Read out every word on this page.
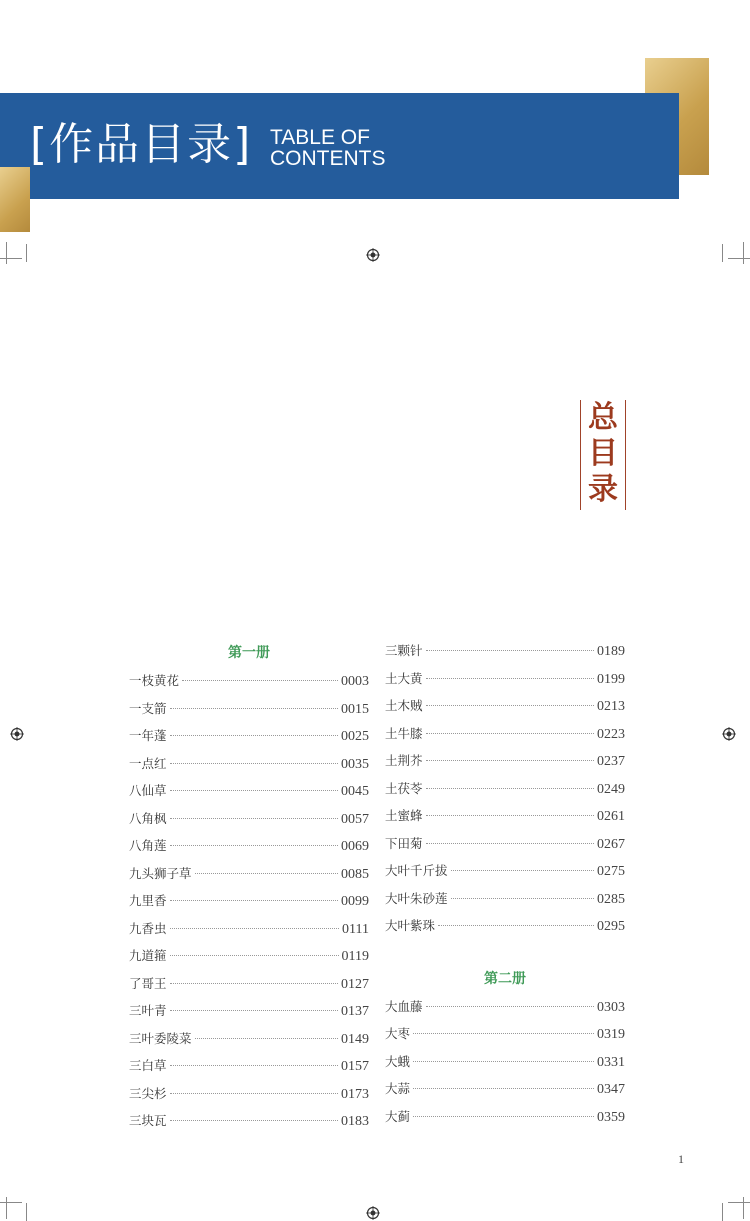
[作品目录] TABLE OF
CONTENTS
总
目
录
第一册
一枝黄花	0003
一支箭	0015
一年蓬	0025
一点红	0035
八仙草	0045
八角枫	0057
八角莲	0069
九头狮子草	0085
九里香	0099
九香虫	0111
九道箍	0119
了哥王	0127
三叶青	0137
三叶委陵菜	0149
三白草	0157
三尖杉	0173
三块瓦	0183
三颗针	0189
土大黄	0199
土木贼	0213
土牛膝	0223
土荆芥	0237
土茯苓	0249
土蜜蜂	0261
下田菊	0267
大叶千斤拔	0275
大叶朱砂莲	0285
大叶紫珠	0295
第二册
大血藤	0303
大枣	0319
大蛾	0331
大蒜	0347
大蓟	0359
1
